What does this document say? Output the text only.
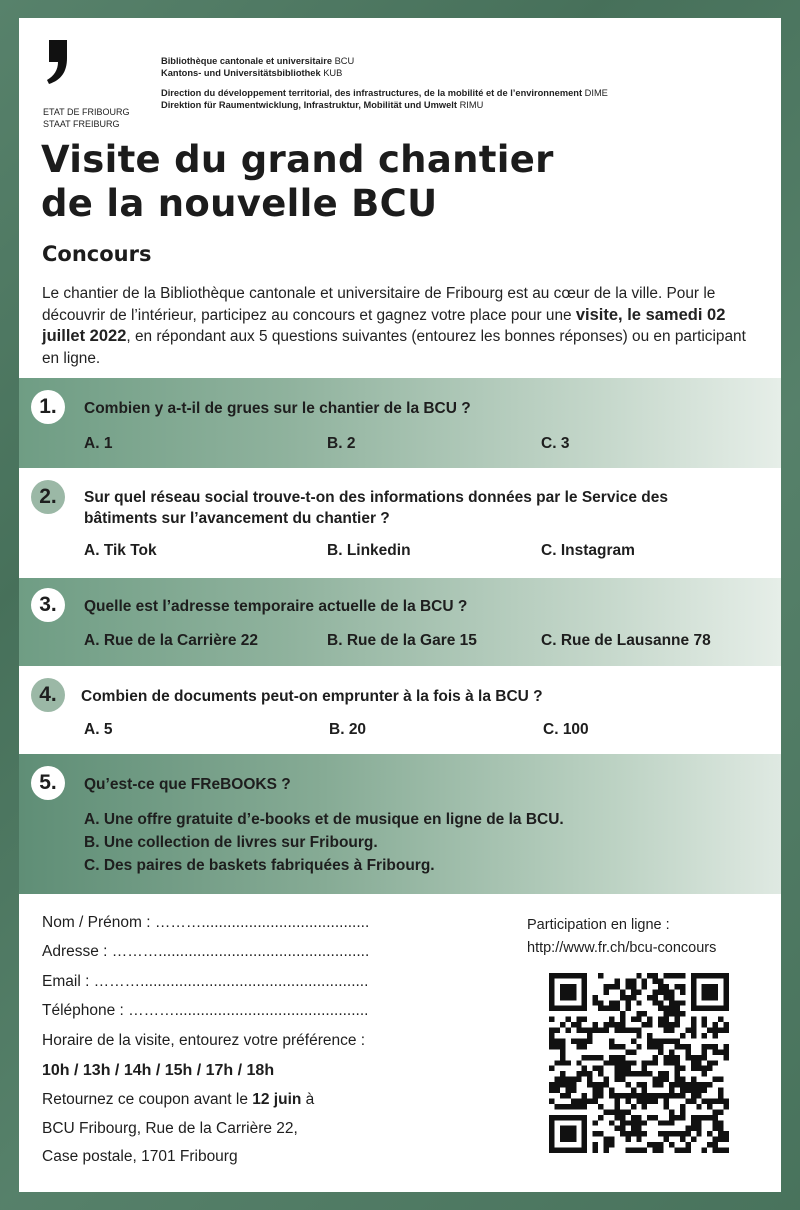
ETAT DE FRIBOURG
STAAT FREIBURG
Bibliothèque cantonale et universitaire BCU
Kantons- und Universitätsbibliothek KUB
Direction du développement territorial, des infrastructures, de la mobilité et de l’environnement DIME
Direktion für Raumentwicklung, Infrastruktur, Mobilität und Umwelt RIMU
Visite du grand chantier
de la nouvelle BCU
Concours

Le chantier de la Bibliothèque cantonale et universitaire de Fribourg est au cœur de la ville. Pour le découvrir de l’intérieur, participez au concours et gagnez votre place pour une visite, le samedi 02 juillet 2022, en répondant aux 5 questions suivantes (entourez les bonnes réponses) ou en participant en ligne.

1.	Combien y a-t-il de grues sur le chantier de la BCU ?
A. 1	B. 2	C. 3
2.	Sur quel réseau social trouve-t-on des informations données par le Service des bâtiments sur l’avancement du chantier ?
A. Tik Tok	B. Linkedin	C. Instagram
3.	Quelle est l’adresse temporaire actuelle de la BCU ?
A. Rue de la Carrière 22	B. Rue de la Gare 15	C. Rue de Lausanne 78
4.	Combien de documents peut-on emprunter à la fois à la BCU ?
A. 5	B. 20	C. 100
5.	Qu’est-ce que FReBOOKS ?
A. Une offre gratuite d’e-books et de musique en ligne de la BCU.
B. Une collection de livres sur Fribourg.
C. Des paires de baskets fabriquées à Fribourg.
Nom / Prénom : ……….......................................
Adresse : ……….................................................
Email : ……….....................................................
Téléphone : ……….............................................
Horaire de la visite, entourez votre préférence :
10h / 13h / 14h / 15h / 17h / 18h
Retournez ce coupon avant le 12 juin à
BCU Fribourg, Rue de la Carrière 22,
Case postale, 1701 Fribourg
Participation en ligne :
http://www.fr.ch/bcu-concours
